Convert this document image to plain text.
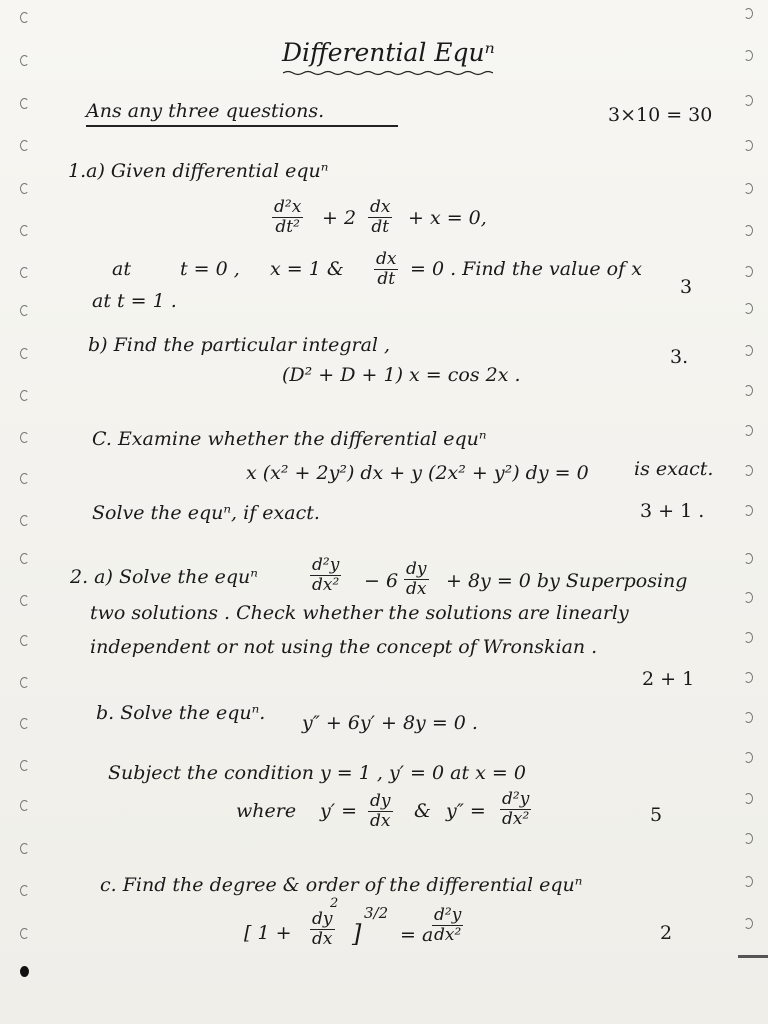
Differential Equⁿ
Ans any three questions.	3×10 = 30
1.a) Given differential equⁿ
$\frac{\text{d²x}}{\text{dt²}} + 2 \frac{dx}{dt} + x = 0$,
at	t = 0 , x = 1 & $\frac{dx}{dt} = 0$ . Find the value of x
at t = 1 .
3
b) Find the particular integral ,
(D² + D + 1) x = cos 2x .
3.
C. Examine whether the differential equⁿ
x (x² + 2y²) dx + y (2x² + y²) dy = 0 is exact.
Solve the equⁿ, if exact.	3 + 1 .
2. a) Solve the equⁿ	$\frac{\text{d²y}}{\text{dx²}} - 6 \frac{dy}{dx} + 8y = 0$ by Superposing
two solutions . Check whether the solutions are linearly
independent or not using the concept of Wronskian .
2 + 1
b. Solve the equⁿ. y″ + 6y′ + 8y = 0 .
Subject the condition y = 1 , y′ = 0 at x = 0
where $y' = \frac{dy}{dx}$ & $y'' = \frac{\text{d²y}}{\text{dx²}}$	5
c. Find the degree & order of the differential equⁿ
[ $1 + \frac{dy}{dx}$
2
]
3/2
= a
$\frac{\text{d²y}}{\text{dx²}}$	2
